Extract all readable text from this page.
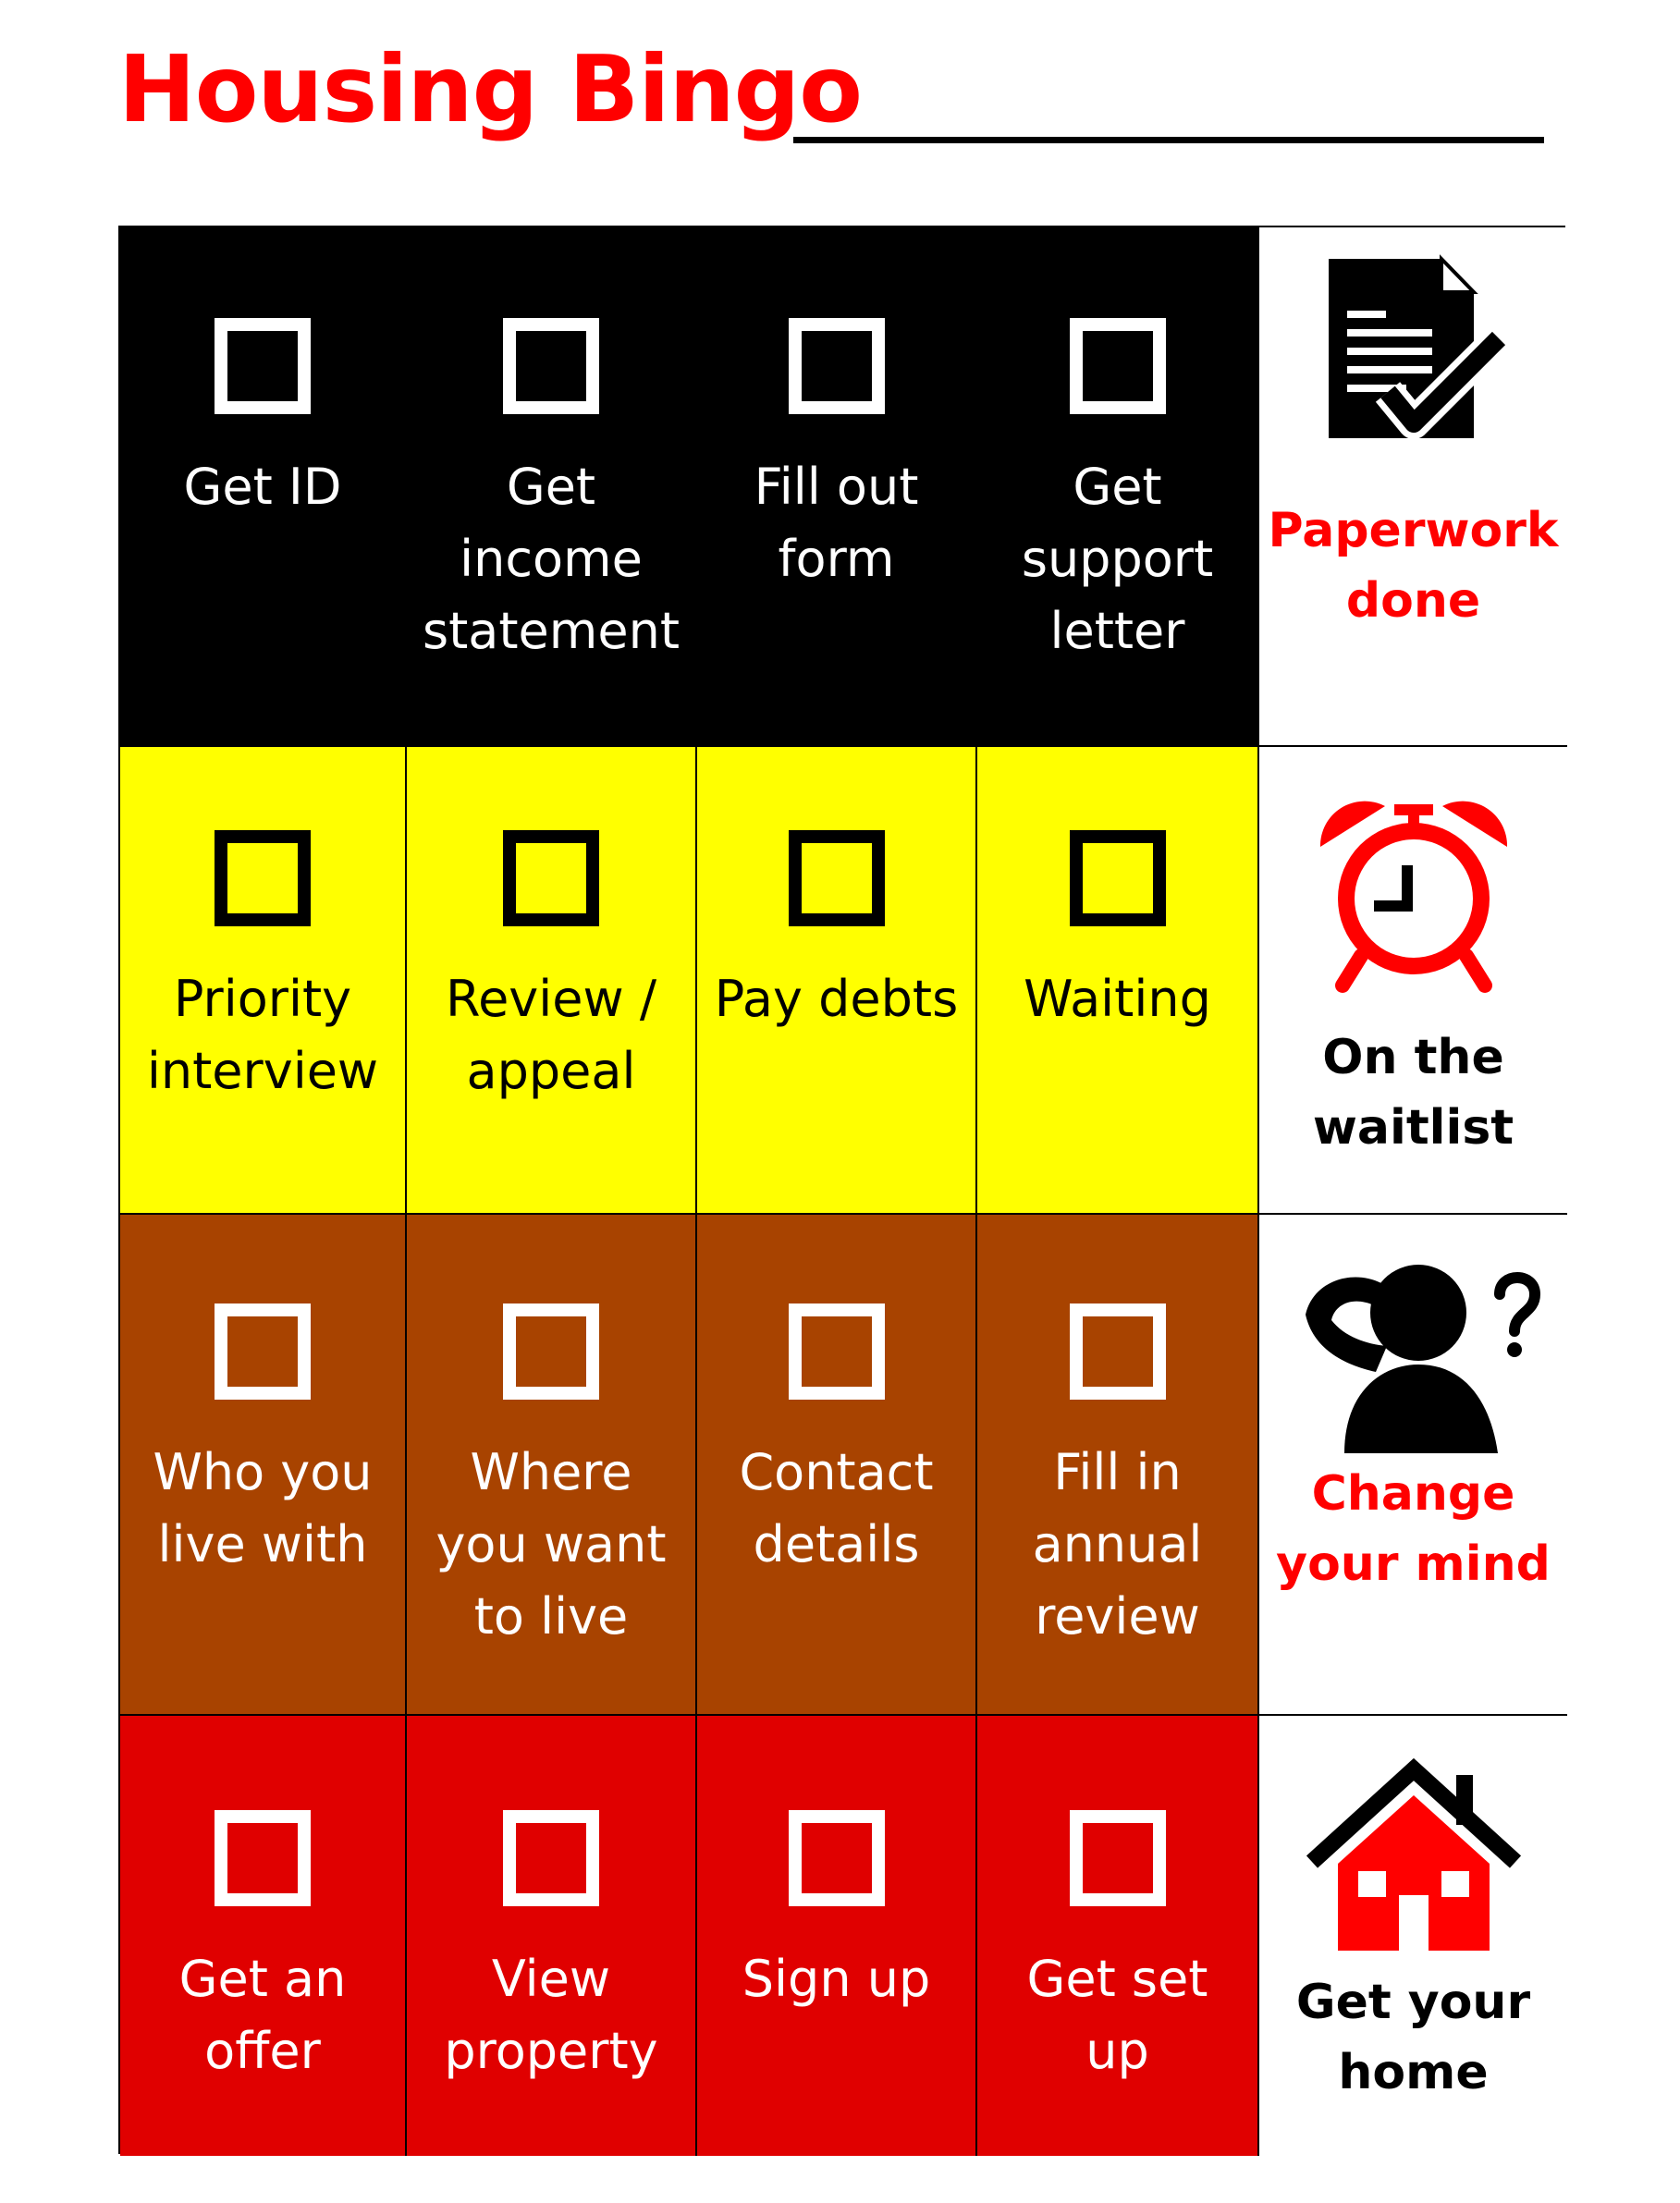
Housing Bingo
Get ID	Get
income
statement
Fill out
form
Get
support
letter
Paperwork
done
Priority
interview
Review /
appeal
Pay debts Waiting
On the
waitlist
Who you
live with
Where
you want
to live
Contact
details
Fill in
annual
review
Change
your mind
Get an
offer
View
property
Sign up Get set
up
Get your
home
